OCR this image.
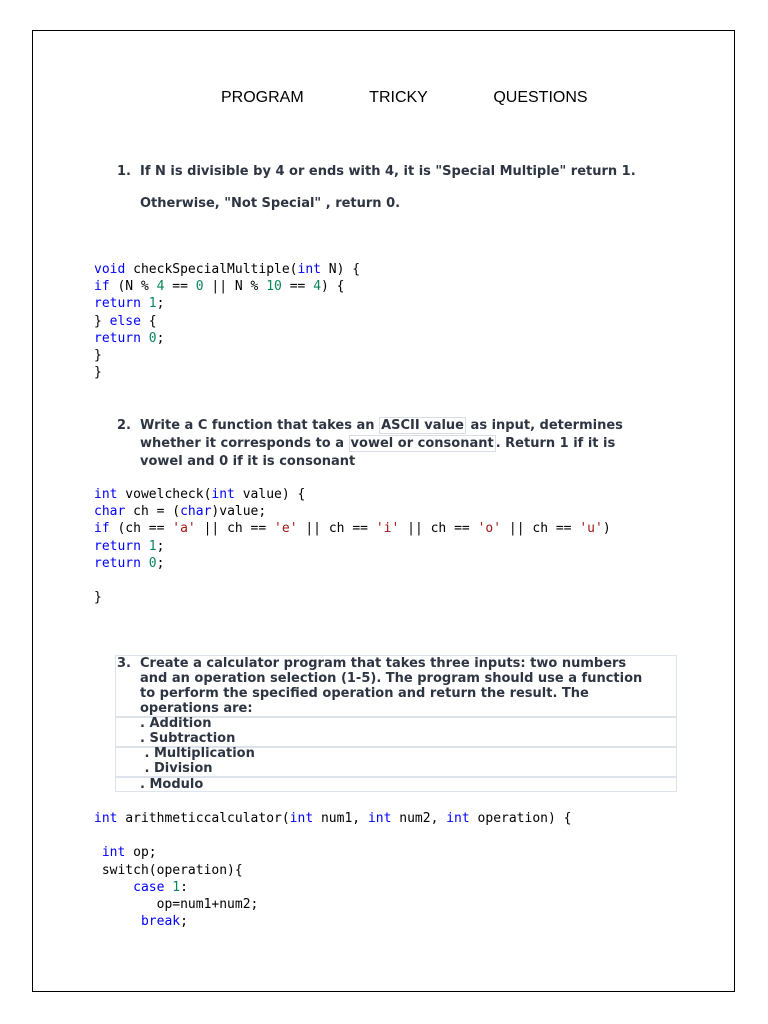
PROGRAM    TRICKY    QUESTIONS
1. If N is divisible by 4 or ends with 4, it is "Special Multiple" return 1.
Otherwise, "Not Special" , return 0.
void checkSpecialMultiple(int N) {
if (N % 4 == 0 || N % 10 == 4) {
return 1;
} else {
return 0;
}
}
2. Write a C function that takes an ASCII value as input, determines
whether it corresponds to a vowel or consonant . Return 1 if it is
vowel and 0 if it is consonant
int vowelcheck(int value) {
char ch = (char)value;
if (ch == 'a' || ch == 'e' || ch == 'i' || ch == 'o' || ch == 'u')
return 1;
return 0;

}
3. Create a calculator program that takes three inputs: two numbers
and an operation selection (1-5). The program should use a function
to perform the specified operation and return the result. The
operations are:
. Addition
. Subtraction
. Multiplication
. Division
. Modulo
int arithmeticcalculator(int num1, int num2, int operation) {

int op;
switch(operation){
case 1:
op=num1+num2;
break;
